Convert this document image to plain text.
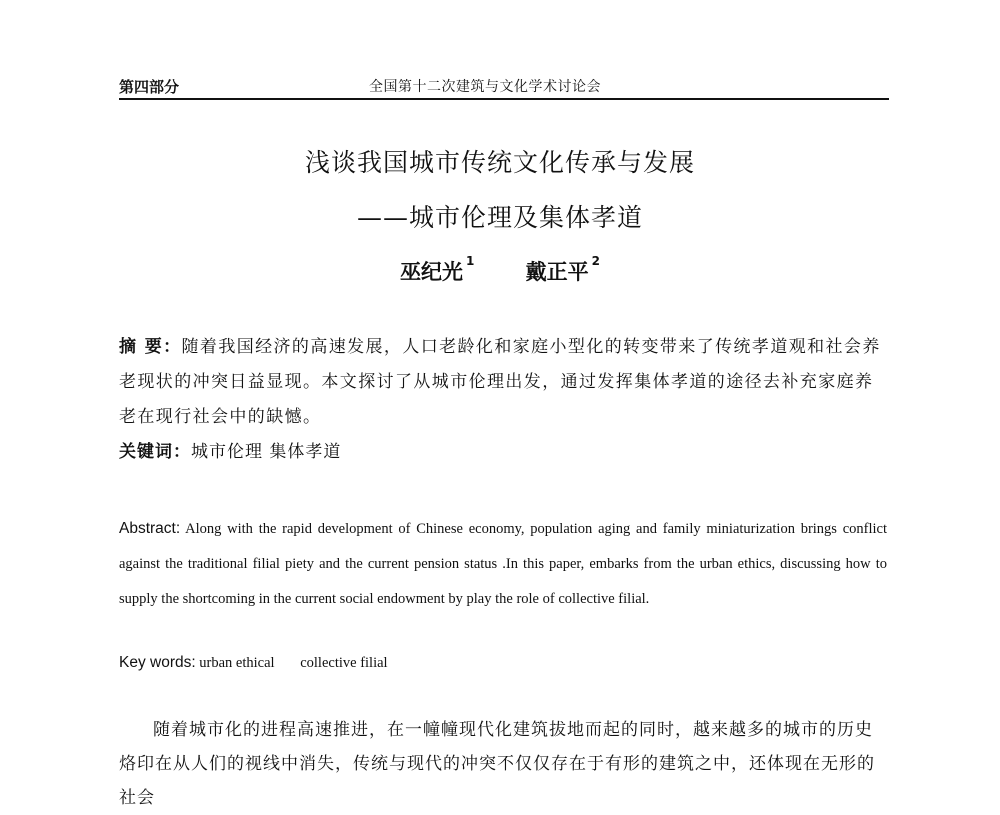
第四部分	全国第十二次建筑与文化学术讨论会
浅谈我国城市传统文化传承与发展
——城市伦理及集体孝道
巫纪光 $^1$ 戴正平 $^2$
摘 要：随着我国经济的高速发展，人口老龄化和家庭小型化的转变带来了传统孝道观和社会养老现状的冲突日益显现。本文探讨了从城市伦理出发，通过发挥集体孝道的途径去补充家庭养老在现行社会中的缺憾。
关键词：城市伦理 集体孝道
Abstract: Along with the rapid development of Chinese economy, population aging and family miniaturization brings conflict against the traditional filial piety and the current pension status .In this paper, embarks from the urban ethics, discussing how to supply the shortcoming in the current social endowment by play the role of collective filial.
Key words: urban ethical collective filial
随着城市化的进程高速推进，在一幢幢现代化建筑拔地而起的同时，越来越多的城市的历史烙印在从人们的视线中消失，传统与现代的冲突不仅仅存在于有形的建筑之中，还体现在无形的社会
